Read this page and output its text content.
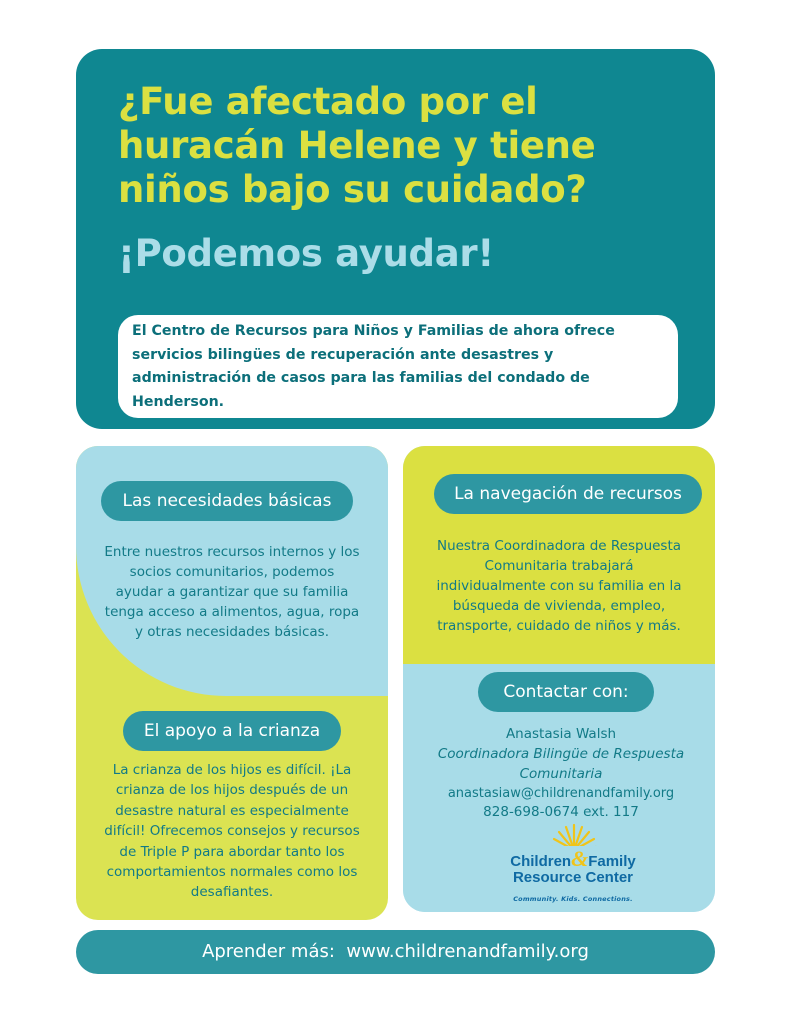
¿Fue afectado por el
huracán Helene y tiene
niños bajo su cuidado?
¡Podemos ayudar!

El Centro de Recursos para Niños y Familias de ahora ofrece servicios bilingües de recuperación ante desastres y administración de casos para las familias del condado de Henderson.

Las necesidades básicas

Entre nuestros recursos internos y los socios comunitarios, podemos ayudar a garantizar que su familia tenga acceso a alimentos, agua, ropa y otras necesidades básicas.

El apoyo a la crianza

La crianza de los hijos es difícil. ¡La crianza de los hijos después de un desastre natural es especialmente difícil! Ofrecemos consejos y recursos de Triple P para abordar tanto los comportamientos normales como los desafiantes.

La navegación de recursos

Nuestra Coordinadora de Respuesta Comunitaria trabajará individualmente con su familia en la búsqueda de vivienda, empleo, transporte, cuidado de niños y más.

Contactar con:

Anastasia Walsh

Coordinadora Bilingüe de Respuesta Comunitaria

anastasiaw@childrenandfamily.org

828-698-0674 ext. 117

Children&Family

Resource Center

Community. Kids. Connections.

Aprender más:  www.childrenandfamily.org
